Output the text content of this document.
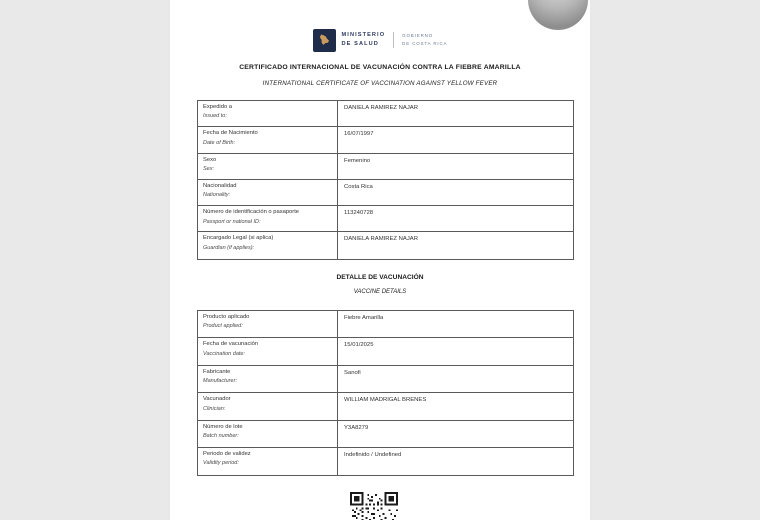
MINISTERIO
DE SALUD
GOBIERNO
DE COSTA RICA
CERTIFICADO INTERNACIONAL DE VACUNACIÓN CONTRA LA FIEBRE AMARILLA
INTERNATIONAL CERTIFICATE OF VACCINATION AGAINST YELLOW FEVER
Expedido a
Issued to:
DANIELA RAMIREZ NAJAR
Fecha de Nacimiento
Date of Birth:
16/07/1997
Sexo
Sex:
Femenino
Nacionalidad
Nationality:
Costa Rica
Número de identificación o pasaporte
Passport or national ID:
113240728
Encargado Legal (si aplica)
Guardian (if applies):
DANIELA RAMIREZ NAJAR
DETALLE DE VACUNACIÓN
VACCINE DETAILS
Producto aplicado
Product applied:
Fiebre Amarilla
Fecha de vacunación
Vaccination date:
15/01/2025
Fabricante
Manufacturer:
Sanofi
Vacunador
Clinician:
WILLIAM MADRIGAL BRENES
Número de lote
Batch number:
Y3A8279
Periodo de validez
Validity period:
Indefinido / Undefined
